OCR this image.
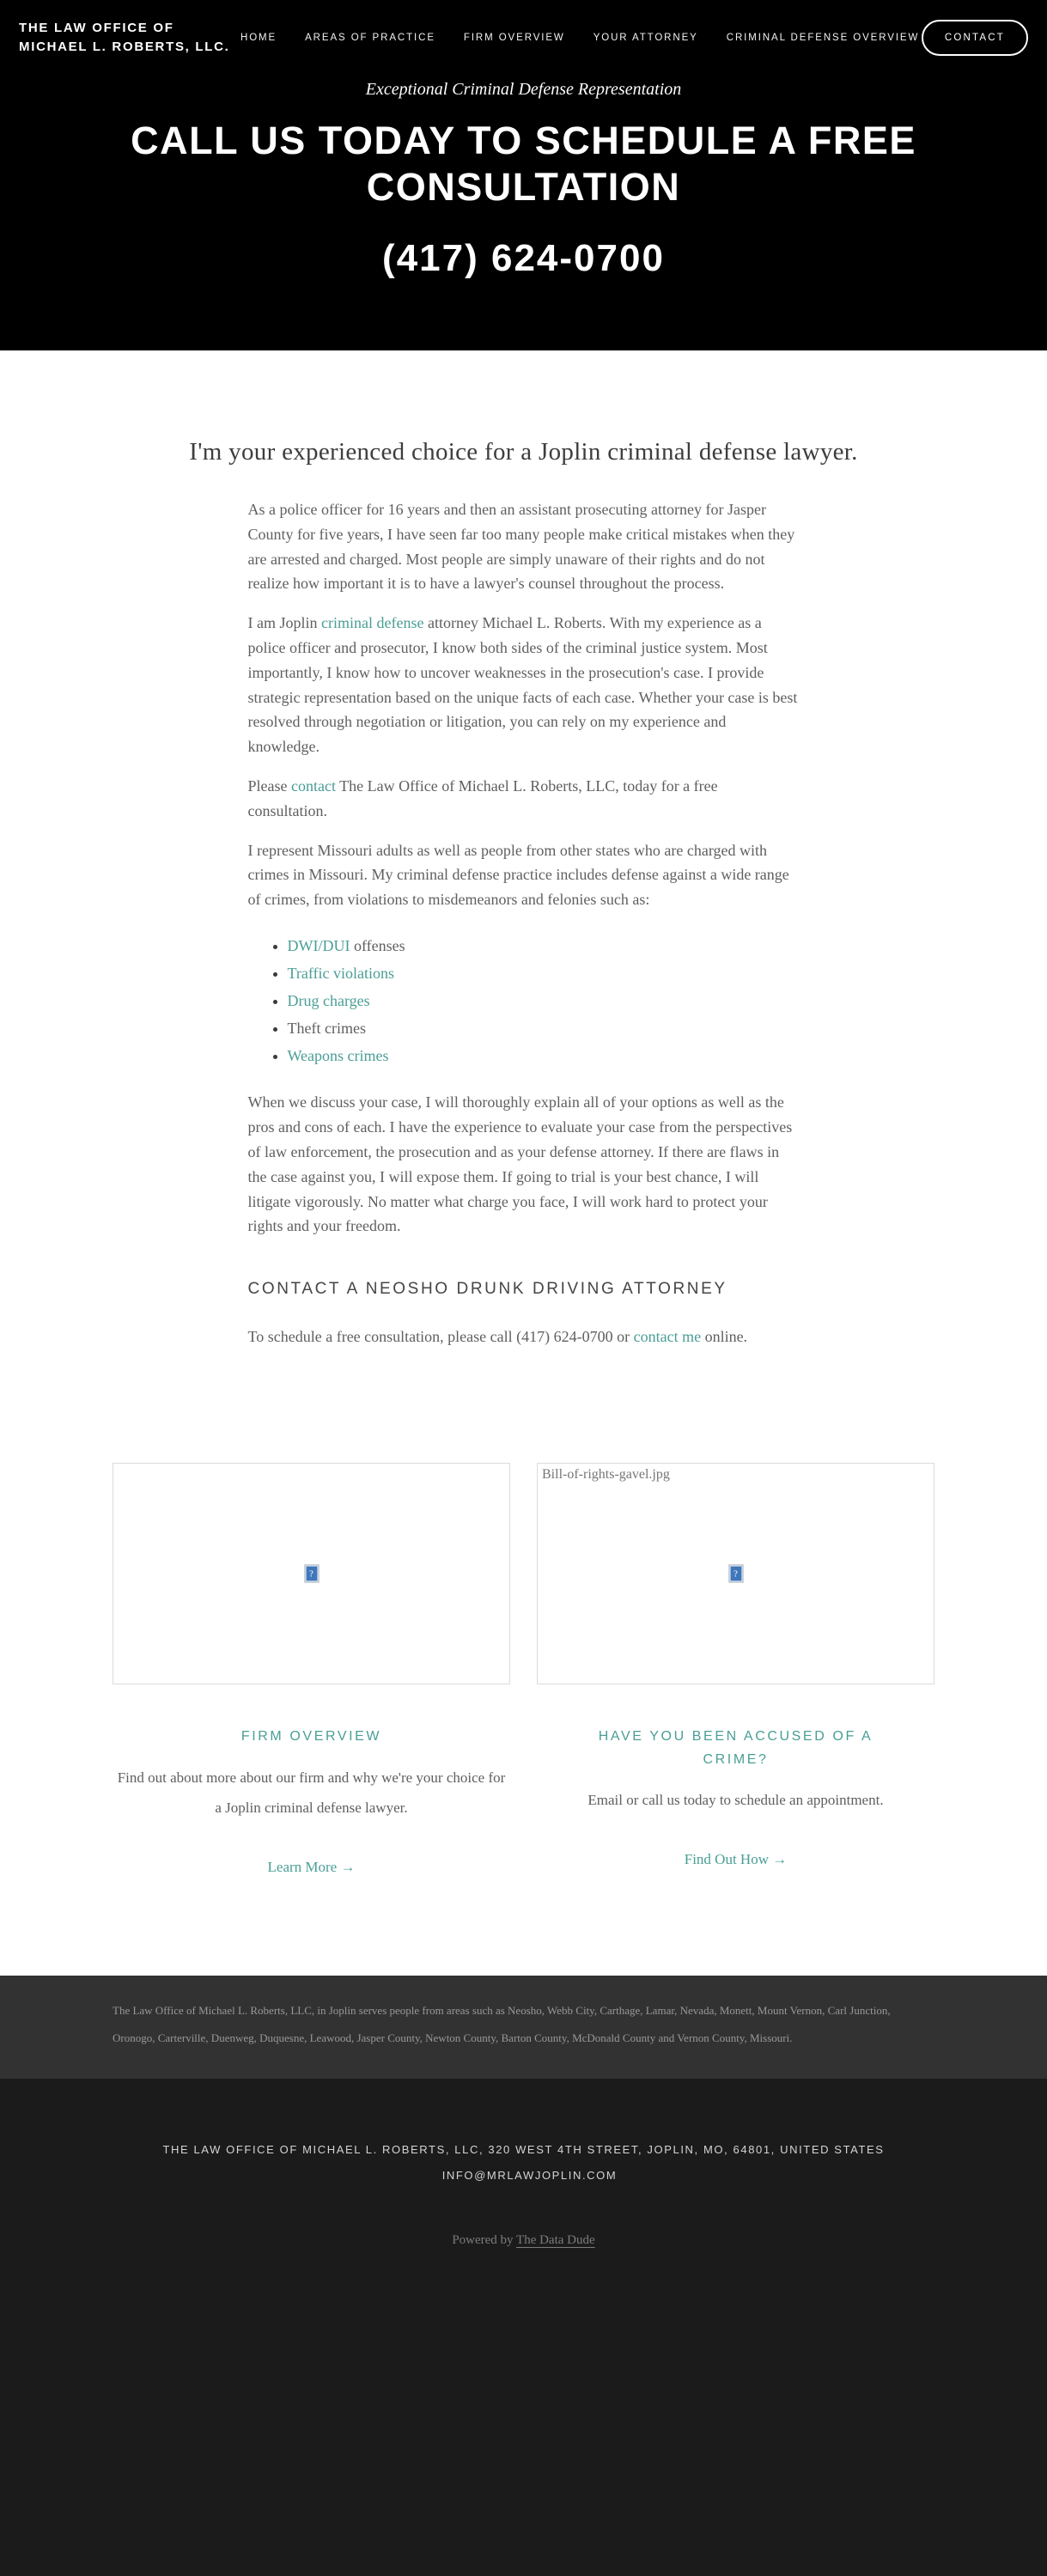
THE LAW OFFICE OF MICHAEL L. ROBERTS, LLC.
HOME	AREAS OF PRACTICE	FIRM OVERVIEW	YOUR ATTORNEY	CRIMINAL DEFENSE OVERVIEW	CONTACT
Exceptional Criminal Defense Representation
CALL US TODAY TO SCHEDULE A FREE CONSULTATION
(417) 624-0700
I'm your experienced choice for a Joplin criminal defense lawyer.

As a police officer for 16 years and then an assistant prosecuting attorney for Jasper County for five years, I have seen far too many people make critical mistakes when they are arrested and charged. Most people are simply unaware of their rights and do not realize how important it is to have a lawyer's counsel throughout the process.

I am Joplin criminal defense attorney Michael L. Roberts. With my experience as a police officer and prosecutor, I know both sides of the criminal justice system. Most importantly, I know how to uncover weaknesses in the prosecution's case. I provide strategic representation based on the unique facts of each case. Whether your case is best resolved through negotiation or litigation, you can rely on my experience and knowledge.

Please contact The Law Office of Michael L. Roberts, LLC, today for a free consultation.

I represent Missouri adults as well as people from other states who are charged with crimes in Missouri. My criminal defense practice includes defense against a wide range of crimes, from violations to misdemeanors and felonies such as:

• DWI/DUI offenses
• Traffic violations
• Drug charges
• Theft crimes
• Weapons crimes

When we discuss your case, I will thoroughly explain all of your options as well as the pros and cons of each. I have the experience to evaluate your case from the perspectives of law enforcement, the prosecution and as your defense attorney. If there are flaws in the case against you, I will expose them. If going to trial is your best chance, I will litigate vigorously. No matter what charge you face, I will work hard to protect your rights and your freedom.

CONTACT A NEOSHO DRUNK DRIVING ATTORNEY

To schedule a free consultation, please call (417) 624-0700 or contact me online.

?
FIRM OVERVIEW

Find out about more about our firm and why we're your choice for a Joplin criminal defense lawyer.

Learn More →
Bill-of-rights-gavel.jpg
?
HAVE YOU BEEN ACCUSED OF A CRIME?

Email or call us today to schedule an appointment.

Find Out How →

The Law Office of Michael L. Roberts, LLC, in Joplin serves people from areas such as Neosho, Webb City, Carthage, Lamar, Nevada, Monett, Mount Vernon, Carl Junction, Oronogo, Carterville, Duenweg, Duquesne, Leawood, Jasper County, Newton County, Barton County, McDonald County and Vernon County, Missouri.

THE LAW OFFICE OF MICHAEL L. ROBERTS, LLC, 320 WEST 4TH STREET, JOPLIN, MO, 64801, UNITED STATES INFO@MRLAWJOPLIN.COM

Powered by The Data Dude
